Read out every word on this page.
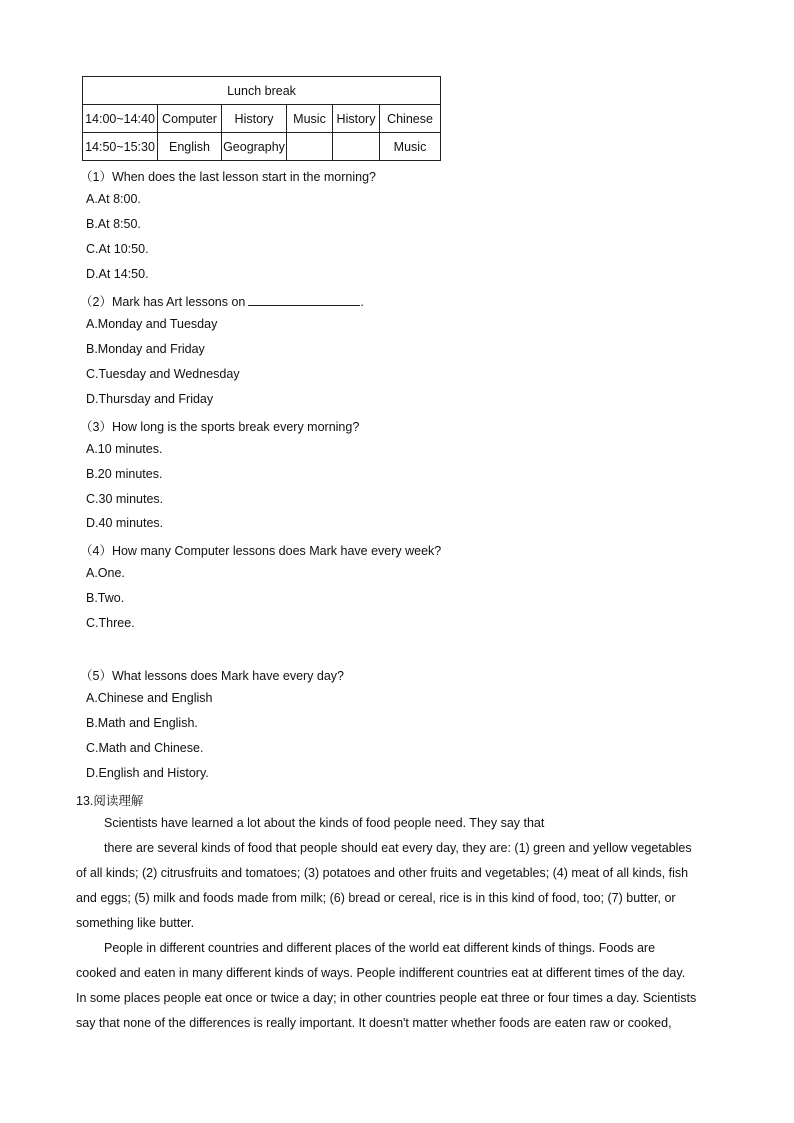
Lunch break					
14:00~14:40	Computer	History	Music	History	Chinese
14:50~15:30	English	Geography			Music
（1）When does the last lesson start in the morning?
A.At 8:00.
B.At 8:50.
C.At 10:50.
D.At 14:50.
（2）Mark has Art lessons on	.
A.Monday and Tuesday
B.Monday and Friday
C.Tuesday and Wednesday
D.Thursday and Friday
（3）How long is the sports break every morning?
A.10 minutes.
B.20 minutes.
C.30 minutes.
D.40 minutes.
（4）How many Computer lessons does Mark have every week?
A.One.
B.Two.
C.Three.
（5）What lessons does Mark have every day?
A.Chinese and English
B.Math and English.
C.Math and Chinese.
D.English and History.
13.阅读理解
Scientists have learned a lot about the kinds of food people need. They say that
there are several kinds of food that people should eat every day, they are: (1) green and yellow vegetables
of all kinds; (2) citrusfruits and tomatoes; (3) potatoes and other fruits and vegetables; (4) meat of all kinds, fish
and eggs; (5) milk and foods made from milk; (6) bread or cereal, rice is in this kind of food, too; (7) butter, or
something like butter.
People in different countries and different places of the world eat different kinds of things. Foods are
cooked and eaten in many different kinds of ways. People indifferent countries eat at different times of the day.
In some places people eat once or twice a day; in other countries people eat three or four times a day. Scientists
say that none of the differences is really important. It doesn't matter whether foods are eaten raw or cooked,
